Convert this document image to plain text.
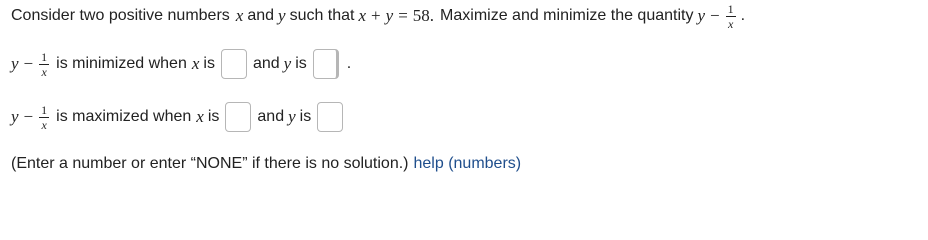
Consider two positive numbers x and y such that x + y = 58. Maximize and minimize the quantity $y - \frac{1}{x}$ .
$y - \frac{1}{x}$ is minimized when x is and y is	.
$y - \frac{1}{x}$ is maximized when x is and y is
(Enter a number or enter “NONE” if there is no solution.) help (numbers)
